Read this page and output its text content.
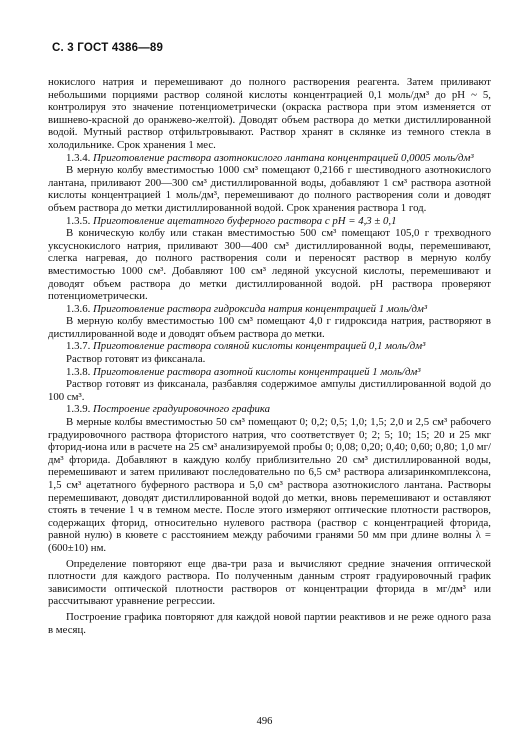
С. 3 ГОСТ 4386—89

нокислого натрия и перемешивают до полного растворения реагента. Затем приливают небольшими порциями раствор соляной кислоты концентрацией 0,1 моль/дм³ до pH ~ 5, контролируя это значение потенциометрически (окраска раствора при этом изменяется от вишнево-красной до оранжево-желтой). Доводят объем раствора до метки дистиллированной водой. Мутный раствор отфильтровывают. Раствор хранят в склянке из темного стекла в холодильнике. Срок хранения 1 мес.

1.3.4. Приготовление раствора азотнокислого лантана концентрацией 0,0005 моль/дм³

В мерную колбу вместимостью 1000 см³ помещают 0,2166 г шестиводного азотнокислого лантана, приливают 200—300 см³ дистиллированной воды, добавляют 1 см³ раствора азотной кислоты концентрацией 1 моль/дм³, перемешивают до полного растворения соли и доводят объем раствора до метки дистиллированной водой. Срок хранения раствора 1 год.

1.3.5. Приготовление ацетатного буферного раствора с pH = 4,3 ± 0,1

В коническую колбу или стакан вместимостью 500 см³ помещают 105,0 г трехводного уксуснокислого натрия, приливают 300—400 см³ дистиллированной воды, перемешивают, слегка нагревая, до полного растворения соли и переносят раствор в мерную колбу вместимостью 1000 см³. Добавляют 100 см³ ледяной уксусной кислоты, перемешивают и доводят объем раствора до метки дистиллированной водой. pH раствора проверяют потенциометрически.

1.3.6. Приготовление раствора гидроксида натрия концентрацией 1 моль/дм³

В мерную колбу вместимостью 100 см³ помещают 4,0 г гидроксида натрия, растворяют в дистиллированной воде и доводят объем раствора до метки.

1.3.7. Приготовление раствора соляной кислоты концентрацией 0,1 моль/дм³

Раствор готовят из фиксанала.

1.3.8. Приготовление раствора азотной кислоты концентрацией 1 моль/дм³

Раствор готовят из фиксанала, разбавляя содержимое ампулы дистиллированной водой до 100 см³.

1.3.9. Построение градуировочного графика

В мерные колбы вместимостью 50 см³ помещают 0; 0,2; 0,5; 1,0; 1,5; 2,0 и 2,5 см³ рабочего градуировочного раствора фтористого натрия, что соответствует 0; 2; 5; 10; 15; 20 и 25 мкг фторид-иона или в расчете на 25 см³ анализируемой пробы 0; 0,08; 0,20; 0,40; 0,60; 0,80; 1,0 мг/дм³ фторида. Добавляют в каждую колбу приблизительно 20 см³ дистиллированной воды, перемешивают и затем приливают последовательно по 6,5 см³ раствора ализаринкомплексона, 1,5 см³ ацетатного буферного раствора и 5,0 см³ раствора азотнокислого лантана. Растворы перемешивают, доводят дистиллированной водой до метки, вновь перемешивают и оставляют стоять в течение 1 ч в темном месте. После этого измеряют оптические плотности растворов, содержащих фторид, относительно нулевого раствора (раствор с концентрацией фторида, равной нулю) в кювете с расстоянием между рабочими гранями 50 мм при длине волны λ = (600±10) нм.

Определение повторяют еще два-три раза и вычисляют средние значения оптической плотности для каждого раствора. По полученным данным строят градуировочный график зависимости оптической плотности растворов от концентрации фторида в мг/дм³ или рассчитывают уравнение регрессии.

Построение графика повторяют для каждой новой партии реактивов и не реже одного раза в месяц.

496
